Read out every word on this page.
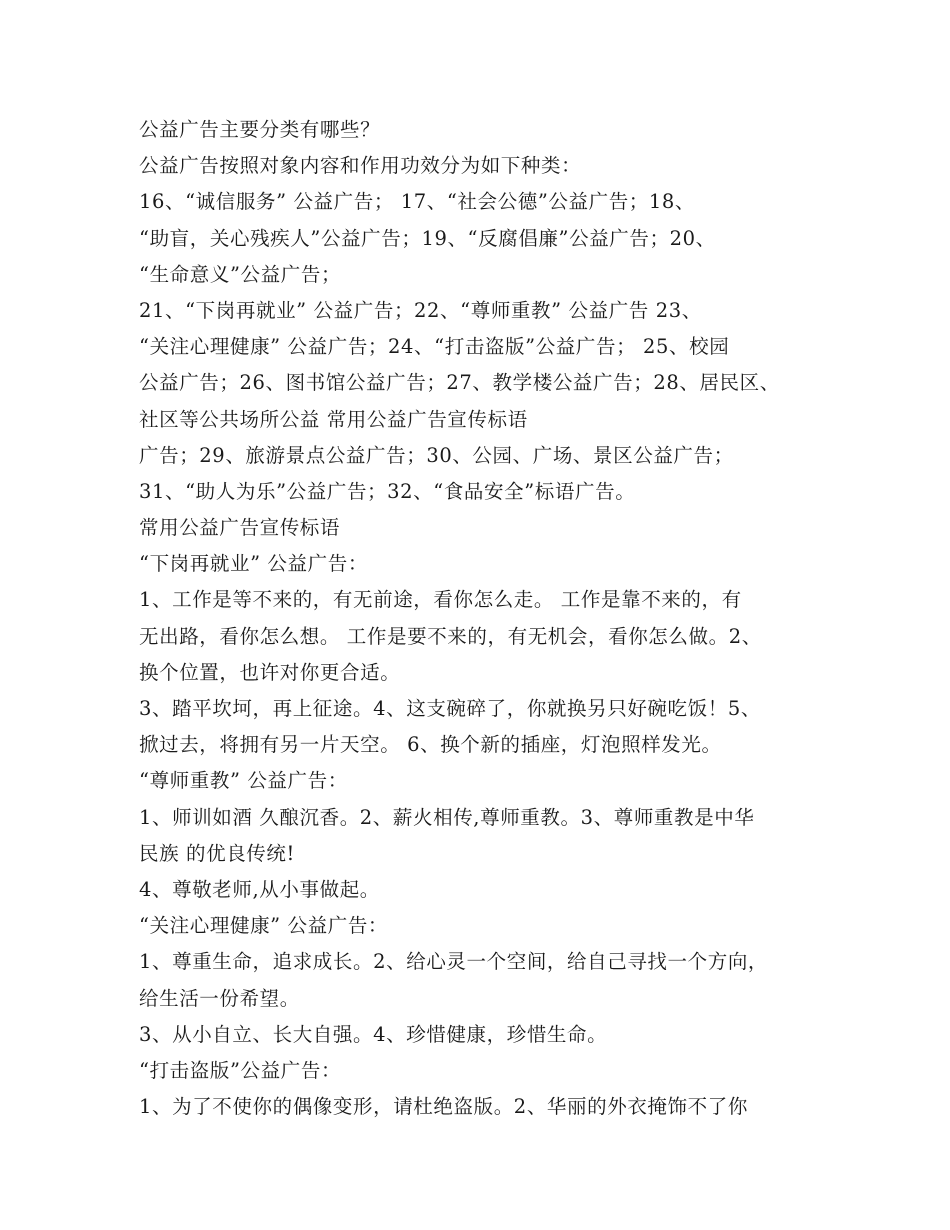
公益广告主要分类有哪些？
公益广告按照对象内容和作用功效分为如下种类：
16、“诚信服务” 公益广告； 17、“社会公德”公益广告；18、
“助盲，关心残疾人”公益广告；19、“反腐倡廉”公益广告；20、
“生命意义”公益广告；
21、“下岗再就业” 公益广告；22、“尊师重教” 公益广告 23、
“关注心理健康” 公益广告；24、“打击盗版”公益广告； 25、校园
公益广告；26、图书馆公益广告；27、教学楼公益广告；28、居民区、
社区等公共场所公益 常用公益广告宣传标语
广告；29、旅游景点公益广告；30、公园、广场、景区公益广告；
31、“助人为乐”公益广告；32、“食品安全”标语广告。
常用公益广告宣传标语
“下岗再就业” 公益广告：
1、工作是等不来的，有无前途，看你怎么走。 工作是靠不来的，有
无出路，看你怎么想。 工作是要不来的，有无机会，看你怎么做。2、
换个位置，也许对你更合适。
3、踏平坎坷，再上征途。4、这支碗碎了，你就换另只好碗吃饭！5、
掀过去，将拥有另一片天空。 6、换个新的插座，灯泡照样发光。
“尊师重教” 公益广告：
1、师训如酒 久酿沉香。2、薪火相传,尊师重教。3、尊师重教是中华
民族 的优良传统!
4、尊敬老师,从小事做起。
“关注心理健康” 公益广告：
1、尊重生命，追求成长。2、给心灵一个空间，给自己寻找一个方向，
给生活一份希望。
3、从小自立、长大自强。4、珍惜健康，珍惜生命。
“打击盗版”公益广告：
1、为了不使你的偶像变形，请杜绝盗版。2、华丽的外衣掩饰不了你
